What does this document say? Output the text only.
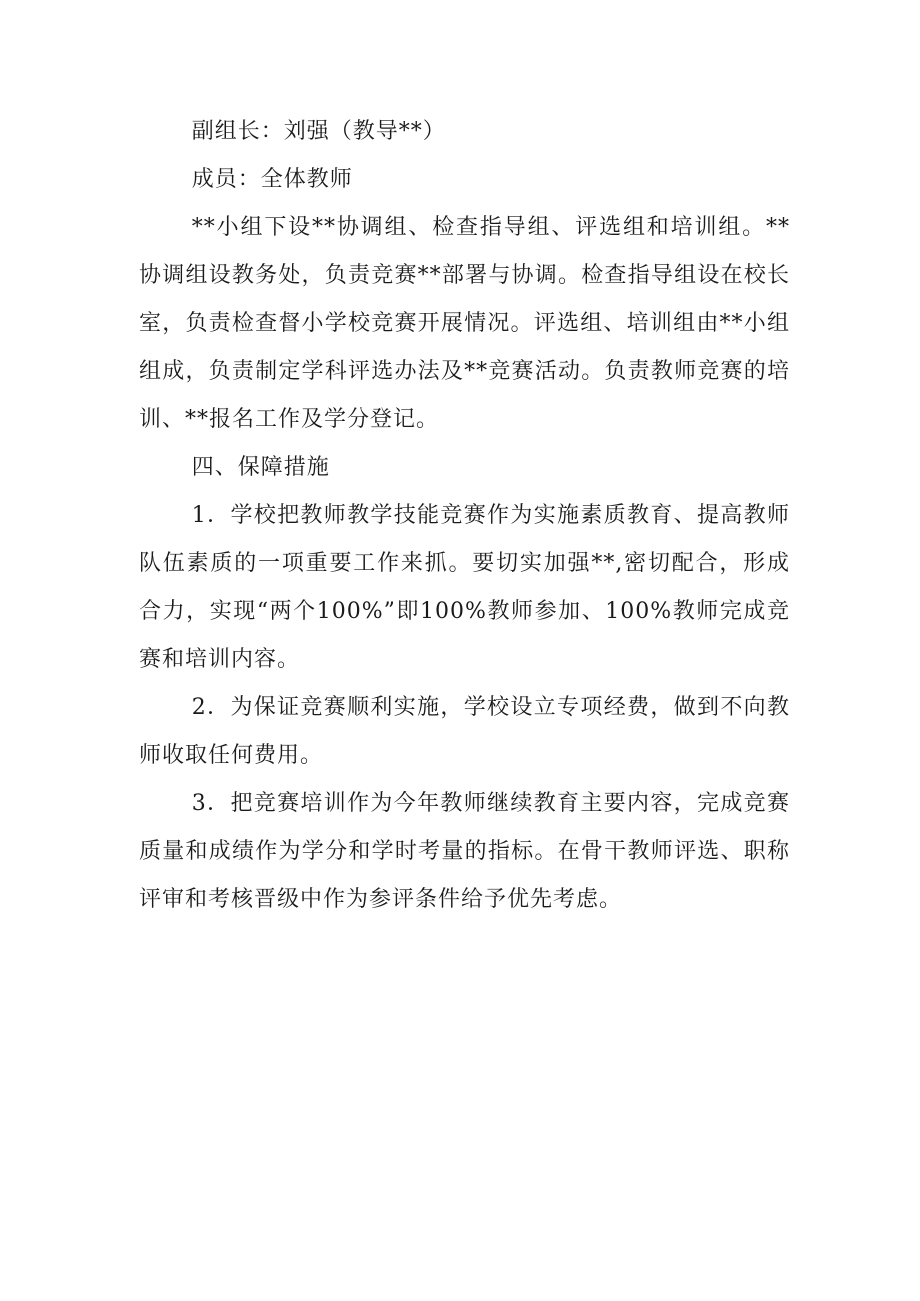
副组长：刘强（教导**）

成员：全体教师

**小组下设**协调组、检查指导组、评选组和培训组。**协调组设教务处，负责竞赛**部署与协调。检查指导组设在校长室，负责检查督小学校竞赛开展情况。评选组、培训组由**小组组成，负责制定学科评选办法及**竞赛活动。负责教师竞赛的培训、**报名工作及学分登记。

四、保障措施

1．学校把教师教学技能竞赛作为实施素质教育、提高教师队伍素质的一项重要工作来抓。要切实加强**,密切配合，形成合力，实现“两个100%”即100%教师参加、100%教师完成竞赛和培训内容。

2．为保证竞赛顺利实施，学校设立专项经费，做到不向教师收取任何费用。

3．把竞赛培训作为今年教师继续教育主要内容，完成竞赛质量和成绩作为学分和学时考量的指标。在骨干教师评选、职称评审和考核晋级中作为参评条件给予优先考虑。
